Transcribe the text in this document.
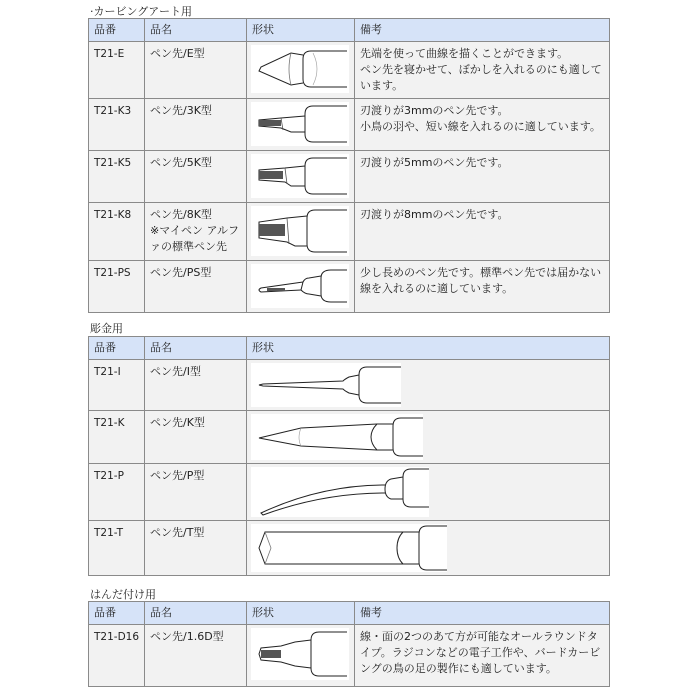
·カービングアート用
品番	品名	形状	備考
T21-E	ペン先/E型		先端を使って曲線を描くことができます。
ペン先を寝かせて、ぼかしを入れるのにも適しています。
T21-K3	ペン先/3K型		刃渡りが3mmのペン先です。
小鳥の羽や、短い線を入れるのに適しています。
T21-K5	ペン先/5K型		刃渡りが5mmのペン先です。
T21-K8	ペン先/8K型
※マイペン アルファの標準ペン先		刃渡りが8mmのペン先です。
T21-PS	ペン先/PS型		少し長めのペン先です。標準ペン先では届かない線を入れるのに適しています。
彫金用
品番	品名	形状
T21-I	ペン先/I型	

T21-K	ペン先/K型	

T21-P	ペン先/P型	

T21-T	ペン先/T型	
はんだ付け用
品番	品名	形状	備考
T21-D16	ペン先/1.6D型		線・面の2つのあて方が可能なオールラウンドタイプ。ラジコンなどの電子工作や、バードカービングの鳥の足の製作にも適しています。
